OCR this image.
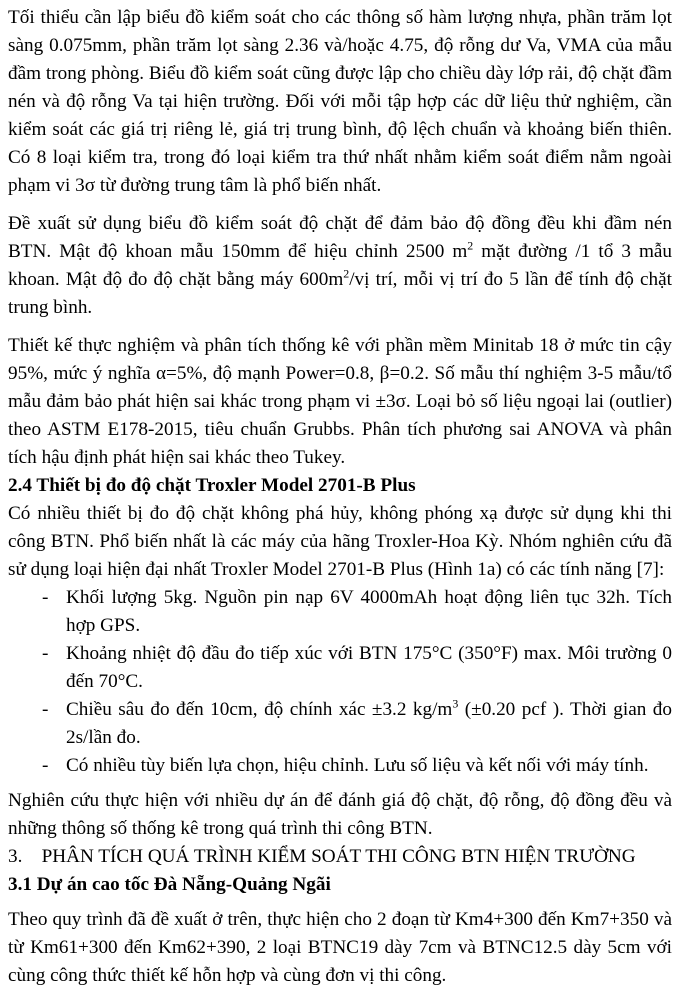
Tối thiểu cần lập biểu đồ kiểm soát cho các thông số hàm lượng nhựa, phần trăm lọt sàng 0.075mm, phần trăm lọt sàng 2.36 và/hoặc 4.75, độ rỗng dư Va, VMA của mẫu đầm trong phòng. Biểu đồ kiểm soát cũng được lập cho chiều dày lớp rải, độ chặt đầm nén và độ rỗng Va tại hiện trường. Đối với mỗi tập hợp các dữ liệu thử nghiệm, cần kiểm soát các giá trị riêng lẻ, giá trị trung bình, độ lệch chuẩn và khoảng biến thiên. Có 8 loại kiểm tra, trong đó loại kiểm tra thứ nhất nhằm kiểm soát điểm nằm ngoài phạm vi 3σ từ đường trung tâm là phổ biến nhất.

Đề xuất sử dụng biểu đồ kiểm soát độ chặt để đảm bảo độ đồng đều khi đầm nén BTN. Mật độ khoan mẫu 150mm để hiệu chỉnh 2500 $m^2$ mặt đường /1 tổ 3 mẫu khoan. Mật độ đo độ chặt bằng máy $600m^2/vị$ trí, mỗi vị trí đo 5 lần để tính độ chặt trung bình.

Thiết kế thực nghiệm và phân tích thống kê với phần mềm Minitab 18 ở mức tin cậy 95%, mức ý nghĩa α=5%, độ mạnh Power=0.8, β=0.2. Số mẫu thí nghiệm 3-5 mẫu/tổ mẫu đảm bảo phát hiện sai khác trong phạm vi ±3σ. Loại bỏ số liệu ngoại lai (outlier) theo ASTM E178-2015, tiêu chuẩn Grubbs. Phân tích phương sai ANOVA và phân tích hậu định phát hiện sai khác theo Tukey.

2.4 Thiết bị đo độ chặt Troxler Model 2701-B Plus

Có nhiều thiết bị đo độ chặt không phá hủy, không phóng xạ được sử dụng khi thi công BTN. Phổ biến nhất là các máy của hãng Troxler-Hoa Kỳ. Nhóm nghiên cứu đã sử dụng loại hiện đại nhất Troxler Model 2701-B Plus (Hình 1a) có các tính năng [7]:

- Khối lượng 5kg. Nguồn pin nạp 6V 4000mAh hoạt động liên tục 32h. Tích hợp GPS.
- Khoảng nhiệt độ đầu đo tiếp xúc với BTN 175°C (350°F) max. Môi trường 0 đến 70°C.
- Chiều sâu đo đến 10cm, độ chính xác ±3.2 $kg/m^3$ (±0.20 pcf ). Thời gian đo 2s/lần đo.
- Có nhiều tùy biến lựa chọn, hiệu chỉnh. Lưu số liệu và kết nối với máy tính.

Nghiên cứu thực hiện với nhiều dự án để đánh giá độ chặt, độ rỗng, độ đồng đều và những thông số thống kê trong quá trình thi công BTN.

3.    PHÂN TÍCH QUÁ TRÌNH KIỂM SOÁT THI CÔNG BTN HIỆN TRƯỜNG
3.1 Dự án cao tốc Đà Nẵng-Quảng Ngãi

Theo quy trình đã đề xuất ở trên, thực hiện cho 2 đoạn từ Km4+300 đến Km7+350 và từ Km61+300 đến Km62+390, 2 loại BTNC19 dày 7cm và BTNC12.5 dày 5cm với cùng công thức thiết kế hỗn hợp và cùng đơn vị thi công.
